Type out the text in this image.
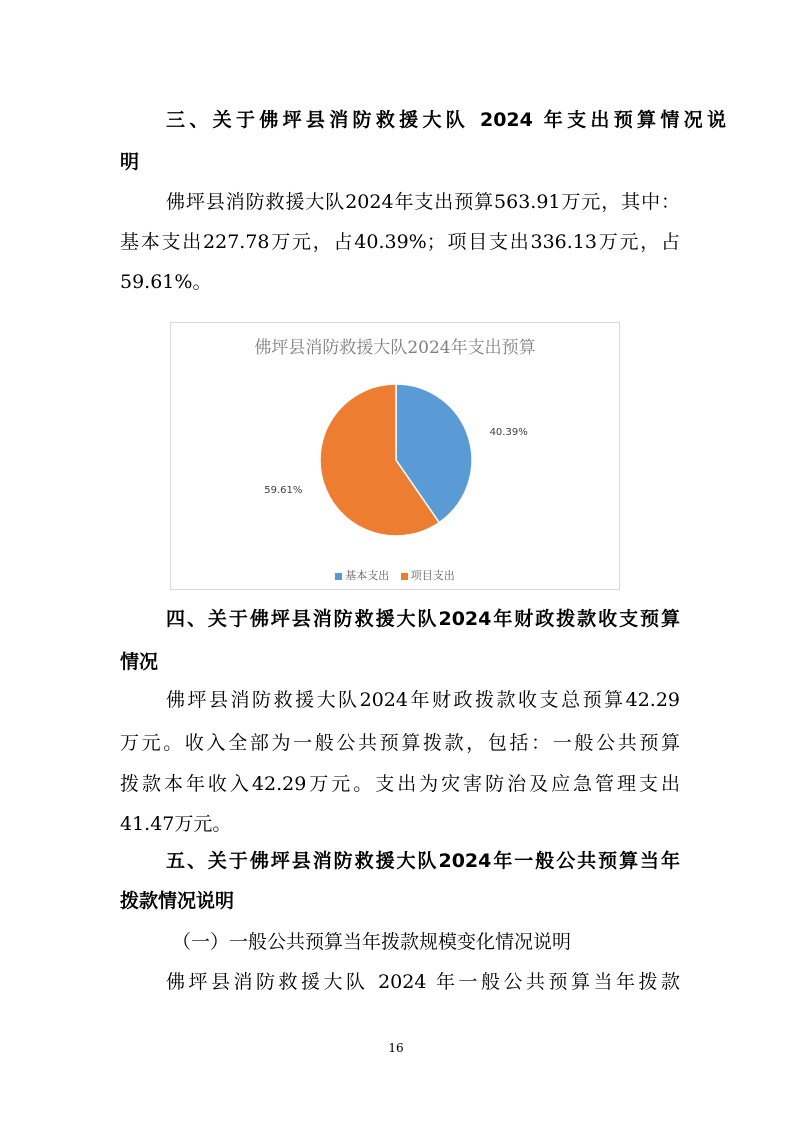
三、关于佛坪县消防救援大队 2024 年支出预算情况说
明
佛坪县消防救援大队2024年支出预算563.91万元，其中：
基本支出227.78万元，占40.39%；项目支出336.13万元，占
59.61%。
佛坪县消防救援大队2024年支出预算
40.39%
59.61%
基本支出 项目支出
四、关于佛坪县消防救援大队2024年财政拨款收支预算
情况
佛坪县消防救援大队2024年财政拨款收支总预算42.29
万元。收入全部为一般公共预算拨款，包括：一般公共预算
拨款本年收入42.29万元。支出为灾害防治及应急管理支出
41.47万元。
五、关于佛坪县消防救援大队2024年一般公共预算当年
拨款情况说明
（一）一般公共预算当年拨款规模变化情况说明
佛坪县消防救援大队 2024 年一般公共预算当年拨款
16
